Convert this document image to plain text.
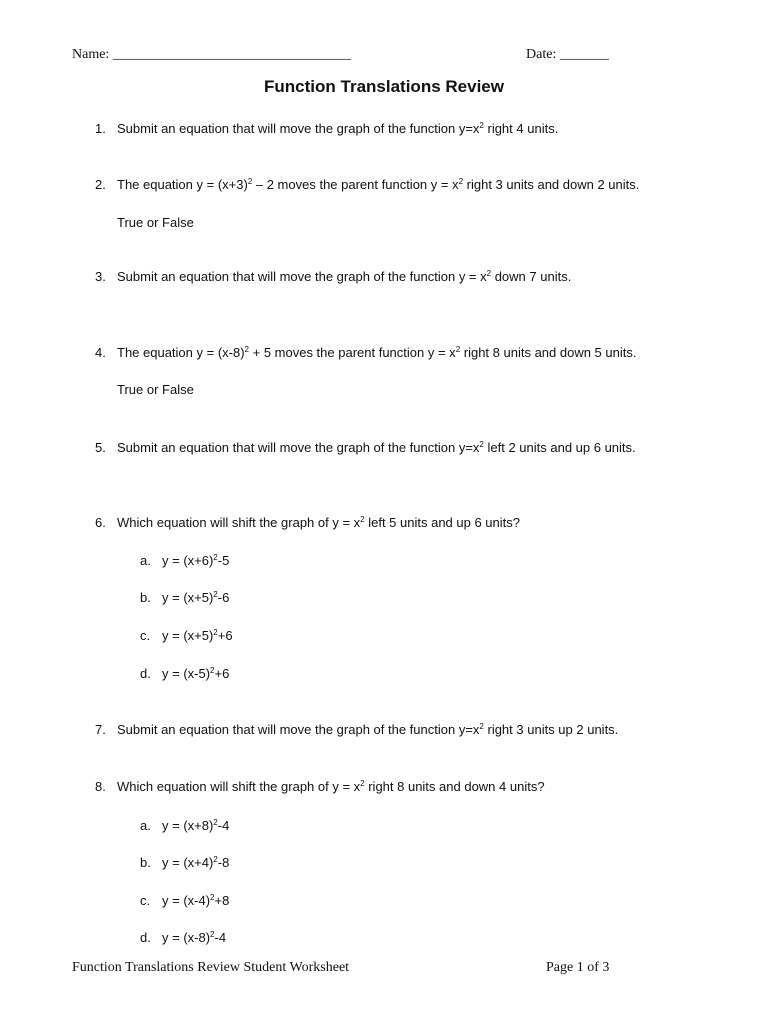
Name: __________________________________	Date: _______
Function Translations Review
1. Submit an equation that will move the graph of the function $y=x^2$ right 4 units.
2. The equation $y = (x+3)^2 - 2$ moves the parent function $y = x^2$ right 3 units and down 2 units.
True or False
3. Submit an equation that will move the graph of the function $y = x^2$ down 7 units.
4. The equation $y = (x-8)^2 + 5$ moves the parent function $y = x^2$ right 8 units and down 5 units.
True or False
5. Submit an equation that will move the graph of the function $y=x^2$ left 2 units and up 6 units.
6. Which equation will shift the graph of $y = x^2$ left 5 units and up 6 units?
a. $y = (x+6)^2-5$
b. $y = (x+5)^2-6$
c. $y = (x+5)^2+6$
d. $y = (x-5)^2+6$
7. Submit an equation that will move the graph of the function $y=x^2$ right 3 units up 2 units.
8. Which equation will shift the graph of $y = x^2$ right 8 units and down 4 units?
a. $y = (x+8)^2-4$
b. $y = (x+4)^2-8$
c. $y = (x-4)^2+8$
d. $y = (x-8)^2-4$
Function Translations Review Student Worksheet	Page 1 of 3
